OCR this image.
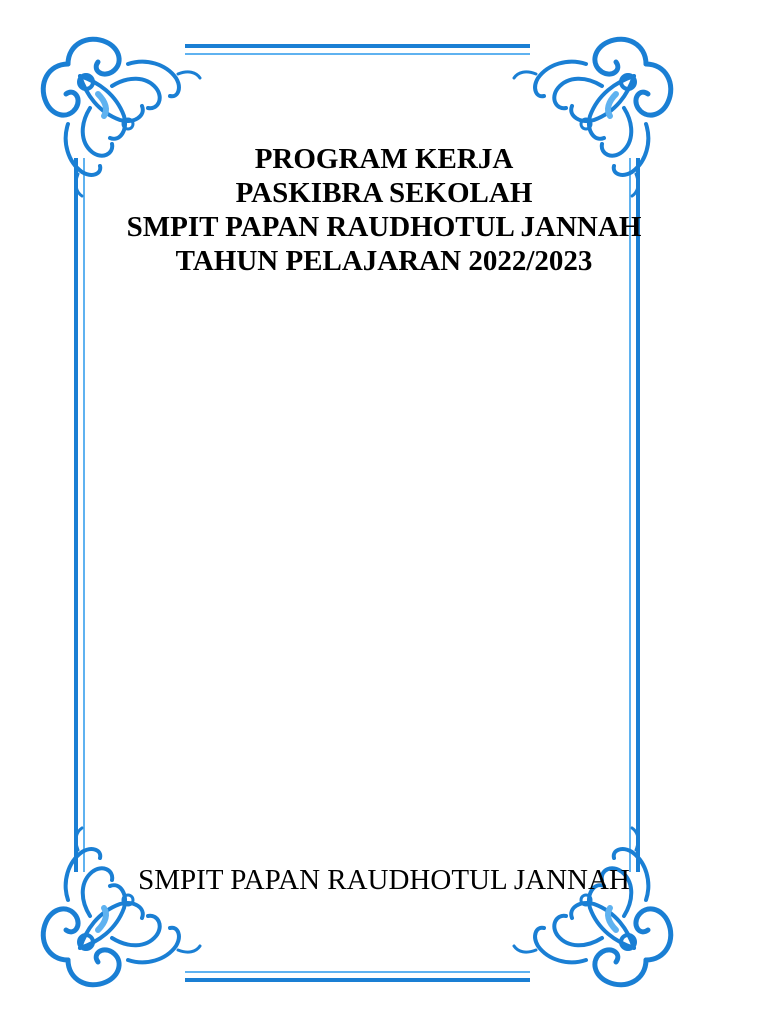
PROGRAM KERJA
PASKIBRA SEKOLAH
SMPIT PAPAN RAUDHOTUL JANNAH
TAHUN PELAJARAN 2022/2023
SMPIT PAPAN RAUDHOTUL JANNAH
